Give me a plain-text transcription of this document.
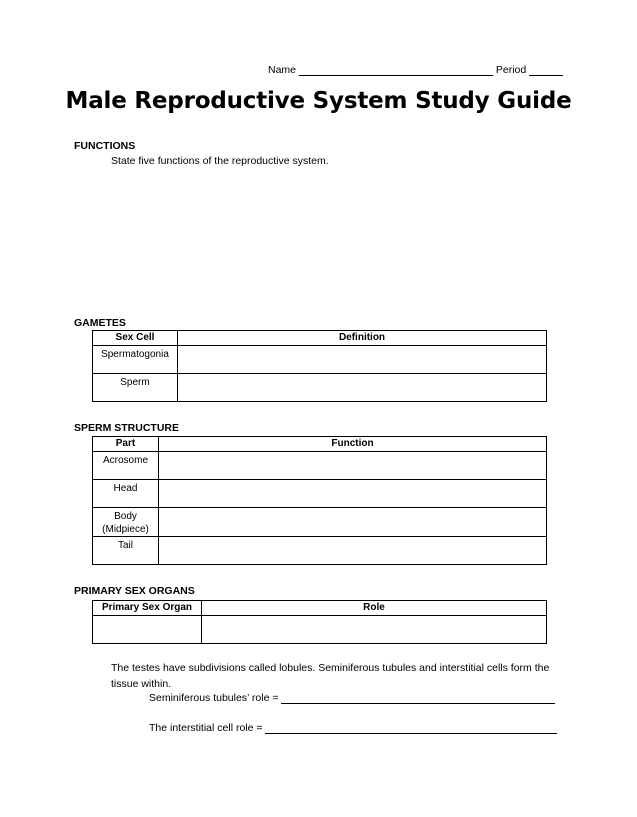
Name	Period
Male Reproductive System Study Guide
FUNCTIONS
State five functions of the reproductive system.
GAMETES
Sex Cell	Definition
Spermatogonia	
Sperm	
SPERM STRUCTURE
Part	Function
Acrosome	
Head	
Body (Midpiece)	
Tail	
PRIMARY SEX ORGANS
Primary Sex Organ	Role

The testes have subdivisions called lobules. Seminiferous tubules and interstitial cells form the tissue within.
Seminiferous tubules’ role =
The interstitial cell role =
